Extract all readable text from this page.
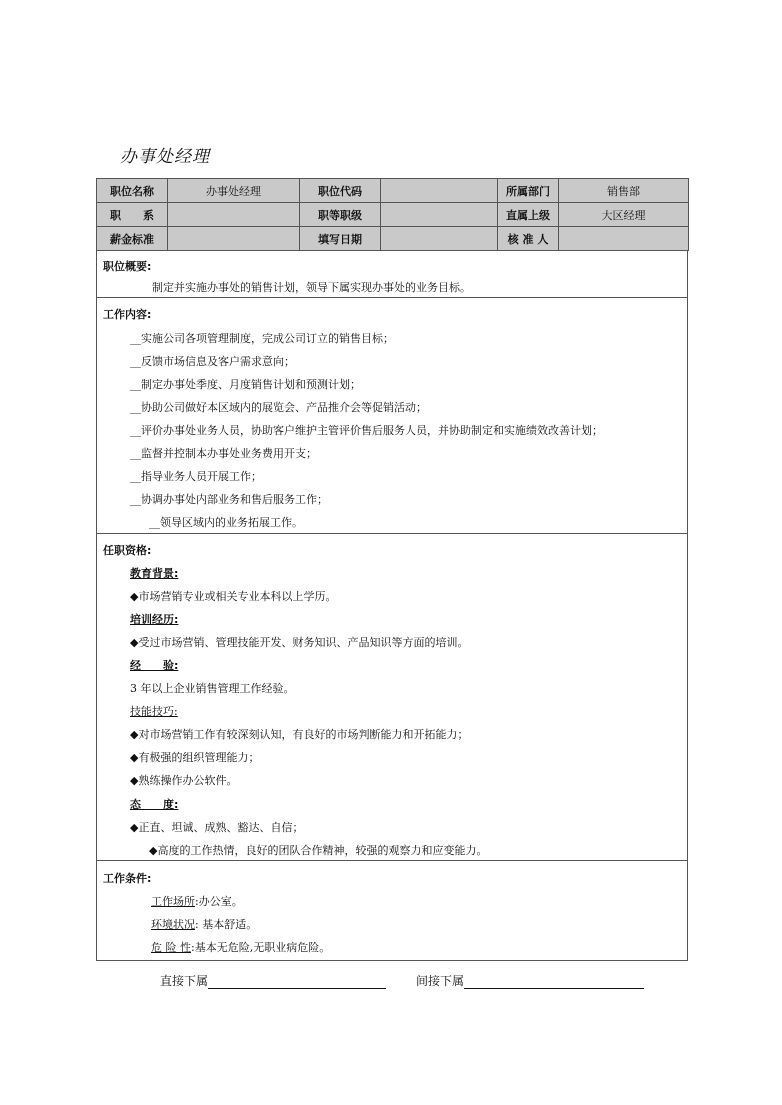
办事处经理
职位名称	办事处经理	职位代码		所属部门	销售部
职　　系		职等职级		直属上级	大区经理
薪金标准		填写日期		核 准 人	
职位概要:
制定并实施办事处的销售计划，领导下属实现办事处的业务目标。
工作内容:
__实施公司各项管理制度，完成公司订立的销售目标；
__反馈市场信息及客户需求意向；
__制定办事处季度、月度销售计划和预测计划；
__协助公司做好本区域内的展览会、产品推介会等促销活动；
__评价办事处业务人员，协助客户维护主管评价售后服务人员，并协助制定和实施绩效改善计划；
__监督并控制本办事处业务费用开支；
__指导业务人员开展工作；
__协调办事处内部业务和售后服务工作；
__领导区域内的业务拓展工作。
任职资格:
教育背景:
◆市场营销专业或相关专业本科以上学历。
培训经历:
◆受过市场营销、管理技能开发、财务知识、产品知识等方面的培训。
经　　验:
3 年以上企业销售管理工作经验。
技能技巧:
◆对市场营销工作有较深刻认知，有良好的市场判断能力和开拓能力；
◆有极强的组织管理能力；
◆熟练操作办公软件。
态　　度:
◆正直、坦诚、成熟、豁达、自信；
◆高度的工作热情，良好的团队合作精神，较强的观察力和应变能力。
工作条件:
工作场所:办公室。
环境状况: 基本舒适。
危 险 性:基本无危险,无职业病危险。
直接下属	间接下属
